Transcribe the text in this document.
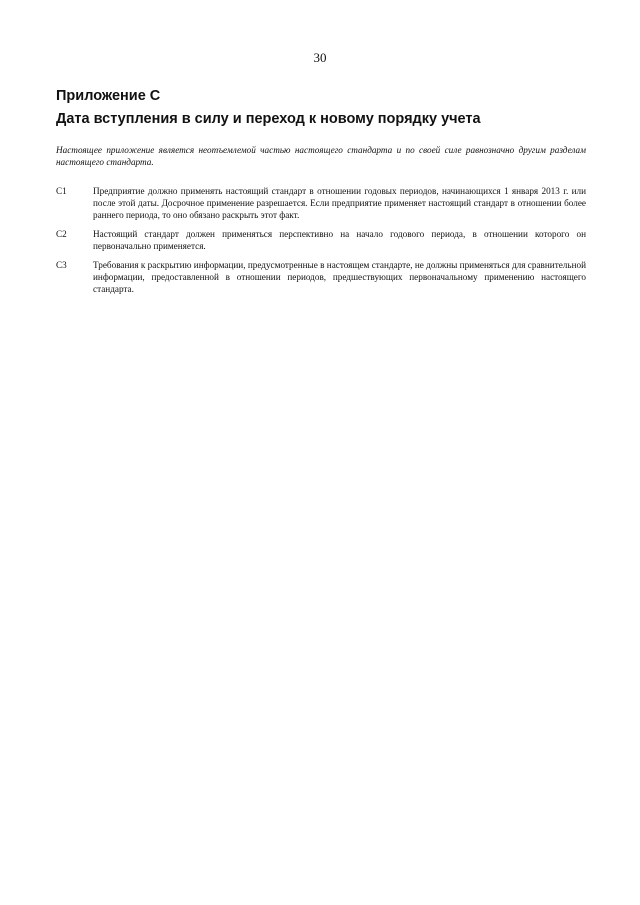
30
Приложение С
Дата вступления в силу и переход к новому порядку учета

Настоящее приложение является неотъемлемой частью настоящего стандарта и по своей силе равнозначно другим разделам настоящего стандарта.

C1	Предприятие должно применять настоящий стандарт в отношении годовых периодов, начинающихся 1 января 2013 г. или после этой даты. Досрочное применение разрешается. Если предприятие применяет настоящий стандарт в отношении более раннего периода, то оно обязано раскрыть этот факт.
C2	Настоящий стандарт должен применяться перспективно на начало годового периода, в отношении которого он первоначально применяется.
C3	Требования к раскрытию информации, предусмотренные в настоящем стандарте, не должны применяться для сравнительной информации, предоставленной в отношении периодов, предшествующих первоначальному применению настоящего стандарта.
